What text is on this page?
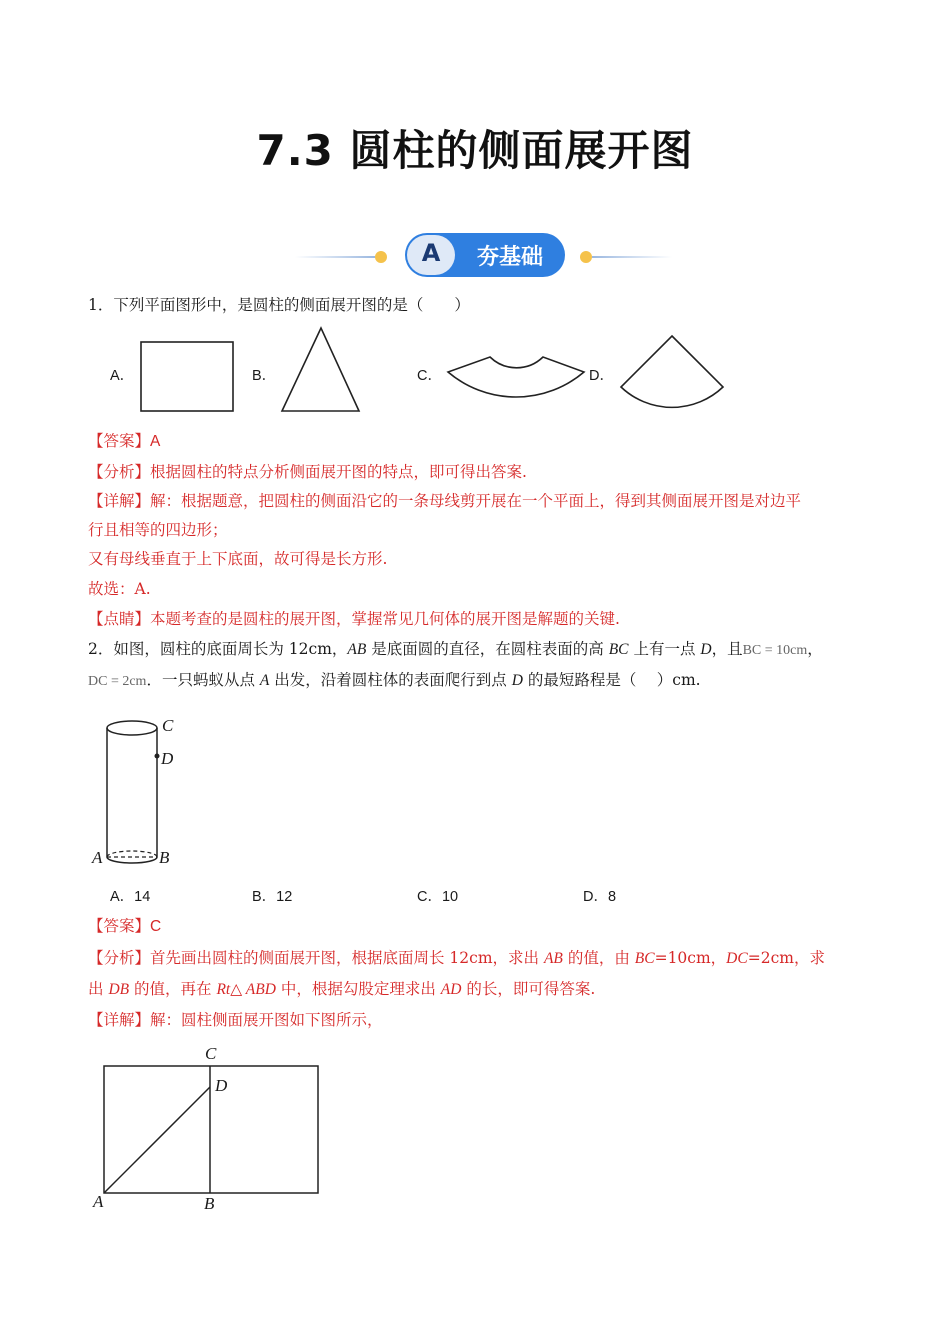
7.3 圆柱的侧面展开图
A	夯基础
1．下列平面图形中，是圆柱的侧面展开图的是（　　）
A．	B．	C．	D．
【答案】A
【分析】根据圆柱的特点分析侧面展开图的特点，即可得出答案.
【详解】解：根据题意，把圆柱的侧面沿它的一条母线剪开展在一个平面上，得到其侧面展开图是对边平
行且相等的四边形；
又有母线垂直于上下底面，故可得是长方形.
故选：A.
【点睛】本题考查的是圆柱的展开图，掌握常见几何体的展开图是解题的关键.
2．如图，圆柱的底面周长为 12cm，AB 是底面圆的直径，在圆柱表面的高 BC 上有一点 D，且BC = 10cm，
DC = 2cm．一只蚂蚁从点 A 出发，沿着圆柱体的表面爬行到点 D 的最短路程是（　 ）cm.
C
D
A	B
A．14	B．12	C．10	D．8
【答案】C
【分析】首先画出圆柱的侧面展开图，根据底面周长 12cm，求出 AB 的值，由 BC=10cm，DC=2cm，求
出 DB 的值，再在 Rt△ ABD 中，根据勾股定理求出 AD 的长，即可得答案.
【详解】解：圆柱侧面展开图如下图所示，
C
D
A	B
